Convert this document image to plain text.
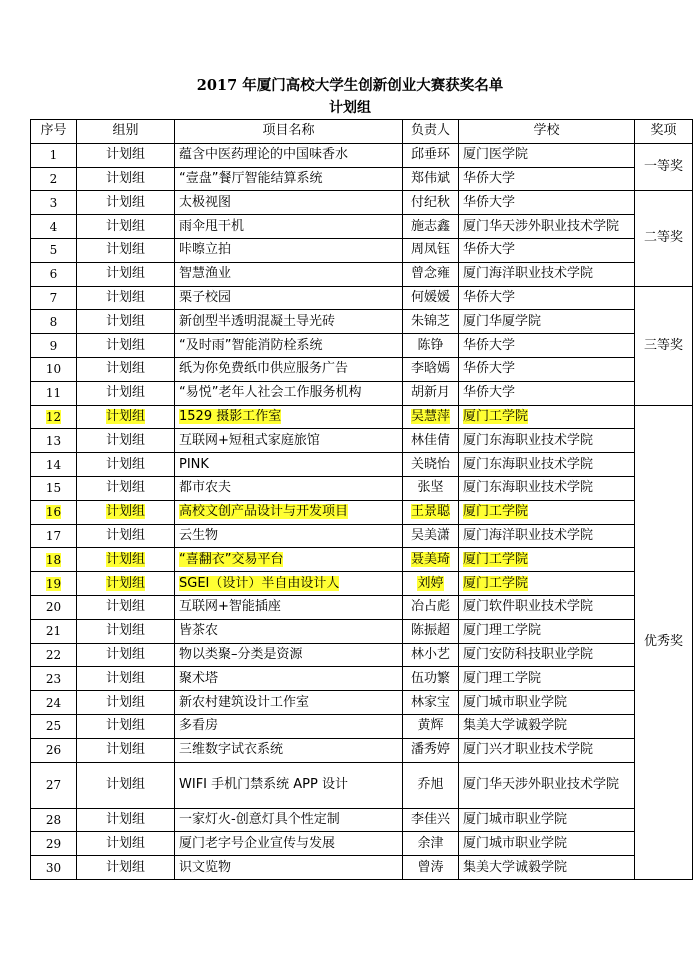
2017 年厦门高校大学生创新创业大赛获奖名单
计划组
序号	组别	项目名称	负责人	学校	奖项
1	计划组	蕴含中医药理论的中国味香水	邱垂环	厦门医学院	一等奖
2	计划组	“壹盘”餐厅智能结算系统	郑伟斌	华侨大学	
3	计划组	太极视图	付纪秋	华侨大学	二等奖
4	计划组	雨伞甩干机	施志鑫	厦门华天涉外职业技术学院	
5	计划组	咔嚓立拍	周凤钰	华侨大学	
6	计划组	智慧渔业	曾念雍	厦门海洋职业技术学院	
7	计划组	栗子校园	何媛媛	华侨大学	三等奖
8	计划组	新创型半透明混凝土导光砖	朱锦芝	厦门华厦学院	
9	计划组	“及时雨”智能消防栓系统	陈铮	华侨大学	
10	计划组	纸为你免费纸巾供应服务广告	李晗嫣	华侨大学	
11	计划组	“易悦”老年人社会工作服务机构	胡新月	华侨大学	
12	计划组	1529 摄影工作室	吴慧萍	厦门工学院	优秀奖
13	计划组	互联网+短租式家庭旅馆	林佳倩	厦门东海职业技术学院	
14	计划组	PINK	关晓怡	厦门东海职业技术学院	
15	计划组	都市农夫	张坚	厦门东海职业技术学院	
16	计划组	高校文创产品设计与开发项目	王景聪	厦门工学院	
17	计划组	云生物	吴美潇	厦门海洋职业技术学院	
18	计划组	“喜翻衣”交易平台	聂美琦	厦门工学院	
19	计划组	SGEI（设计）半自由设计人	刘婷	厦门工学院	
20	计划组	互联网+智能插座	冶占彪	厦门软件职业技术学院	
21	计划组	皆茶农	陈振超	厦门理工学院	
22	计划组	物以类聚–分类是资源	林小艺	厦门安防科技职业学院	
23	计划组	聚术塔	伍功繁	厦门理工学院	
24	计划组	新农村建筑设计工作室	林家宝	厦门城市职业学院	
25	计划组	多看房	黄辉	集美大学诚毅学院	
26	计划组	三维数字试衣系统	潘秀婷	厦门兴才职业技术学院	
27	计划组	WIFI 手机门禁系统 APP 设计	乔旭	厦门华天涉外职业技术学院	
28	计划组	一家灯火-创意灯具个性定制	李佳兴	厦门城市职业学院	
29	计划组	厦门老字号企业宣传与发展	余津	厦门城市职业学院	
30	计划组	识文览物	曾涛	集美大学诚毅学院	
